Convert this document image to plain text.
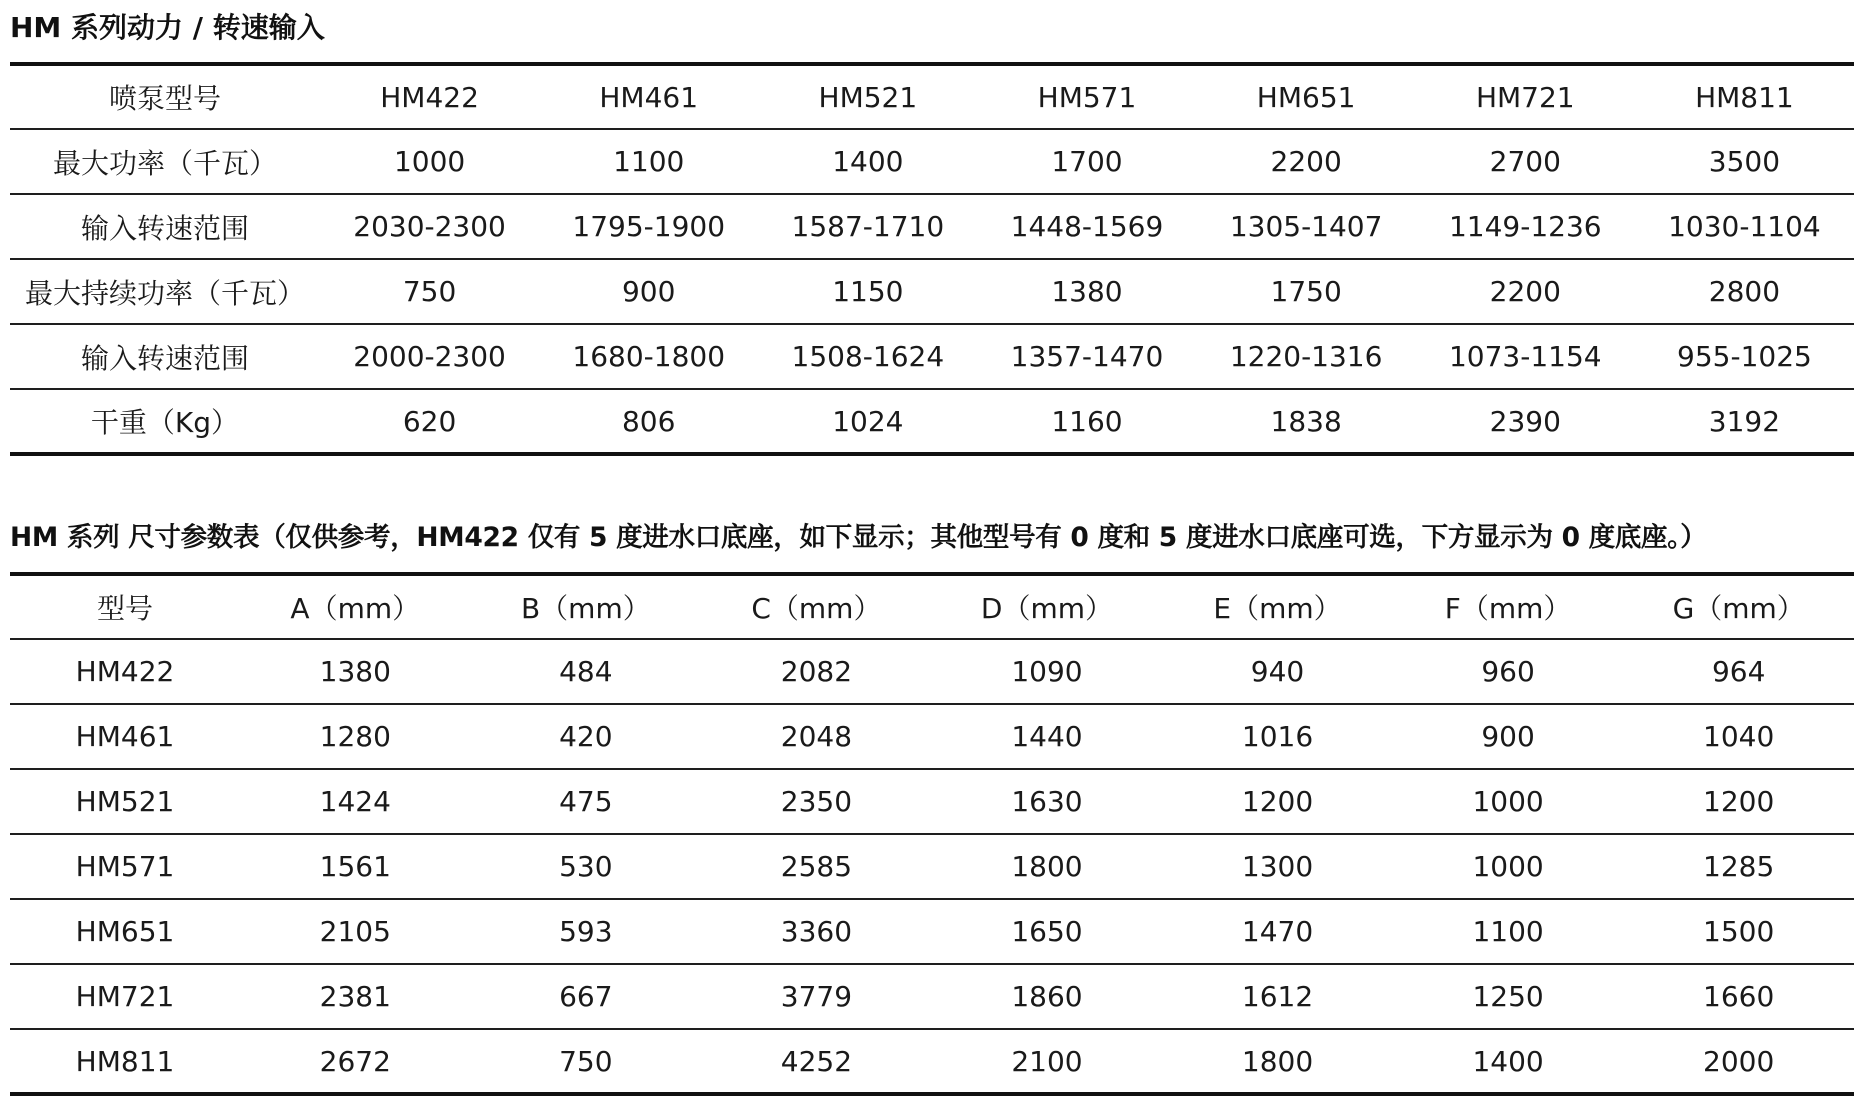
HM 系列动力 / 转速输入
喷泵型号	HM422	HM461	HM521	HM571	HM651	HM721	HM811
最大功率（千瓦）	1000	1100	1400	1700	2200	2700	3500
输入转速范围	2030-2300	1795-1900	1587-1710	1448-1569	1305-1407	1149-1236	1030-1104
最大持续功率（千瓦）	750	900	1150	1380	1750	2200	2800
输入转速范围	2000-2300	1680-1800	1508-1624	1357-1470	1220-1316	1073-1154	955-1025
干重（Kg）	620	806	1024	1160	1838	2390	3192
HM 系列 尺寸参数表（仅供参考，HM422 仅有 5 度进水口底座，如下显示；其他型号有 0 度和 5 度进水口底座可选，下方显示为 0 度底座。）
型号	A（mm）	B（mm）	C（mm）	D（mm）	E（mm）	F（mm）	G（mm）
HM422	1380	484	2082	1090	940	960	964
HM461	1280	420	2048	1440	1016	900	1040
HM521	1424	475	2350	1630	1200	1000	1200
HM571	1561	530	2585	1800	1300	1000	1285
HM651	2105	593	3360	1650	1470	1100	1500
HM721	2381	667	3779	1860	1612	1250	1660
HM811	2672	750	4252	2100	1800	1400	2000
